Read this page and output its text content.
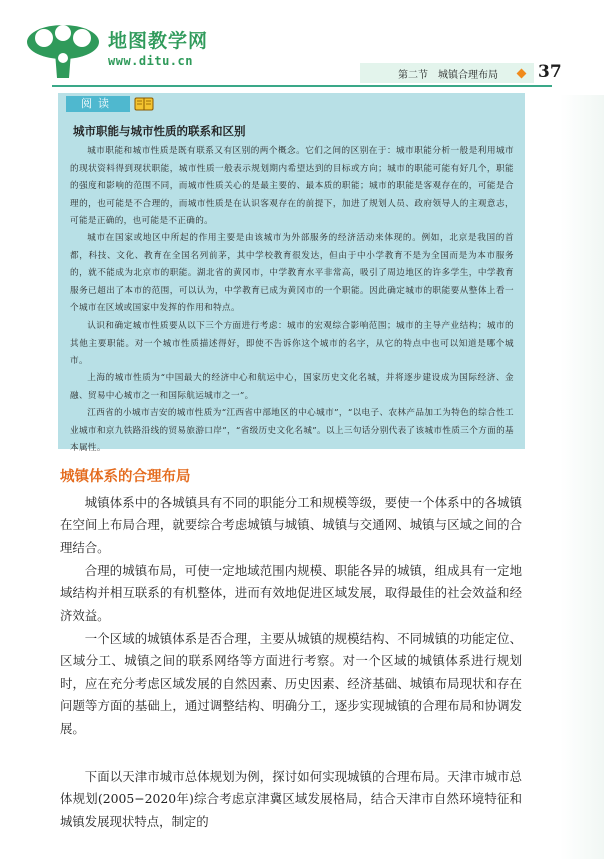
地图教学网
www.ditu.cn
第二节　城镇合理布局 37
阅读
城市职能与城市性质的联系和区别

城市职能和城市性质是既有联系又有区别的两个概念。它们之间的区别在于：城市职能分析一般是利用城市的现状资料得到现状职能，城市性质一般表示规划期内希望达到的目标或方向；城市的职能可能有好几个，职能的强度和影响的范围不同，而城市性质关心的是最主要的、最本质的职能；城市的职能是客观存在的，可能是合理的，也可能是不合理的，而城市性质是在认识客观存在的前提下，加进了规划人员、政府领导人的主观意志，可能是正确的，也可能是不正确的。

城市在国家或地区中所起的作用主要是由该城市为外部服务的经济活动来体现的。例如，北京是我国的首都，科技、文化、教育在全国名列前茅，其中学校教育很发达，但由于中小学教育不是为全国而是为本市服务的，就不能成为北京市的职能。湖北省的黄冈市，中学教育水平非常高，吸引了周边地区的许多学生，中学教育服务已超出了本市的范围，可以认为，中学教育已成为黄冈市的一个职能。因此确定城市的职能要从整体上看一个城市在区域或国家中发挥的作用和特点。

认识和确定城市性质要从以下三个方面进行考虑：城市的宏观综合影响范围；城市的主导产业结构；城市的其他主要职能。对一个城市性质描述得好，即使不告诉你这个城市的名字，从它的特点中也可以知道是哪个城市。

上海的城市性质为“中国最大的经济中心和航运中心，国家历史文化名城，并将逐步建设成为国际经济、金融、贸易中心城市之一和国际航运城市之一”。

江西省的小城市吉安的城市性质为“江西省中部地区的中心城市”，“以电子、农林产品加工为特色的综合性工业城市和京九铁路沿线的贸易旅游口岸”，“省级历史文化名城”。以上三句话分别代表了该城市性质三个方面的基本属性。

城镇体系的合理布局

城镇体系中的各城镇具有不同的职能分工和规模等级，要使一个体系中的各城镇在空间上布局合理，就要综合考虑城镇与城镇、城镇与交通网、城镇与区域之间的合理结合。

合理的城镇布局，可使一定地域范围内规模、职能各异的城镇，组成具有一定地域结构并相互联系的有机整体，进而有效地促进区域发展，取得最佳的社会效益和经济效益。

一个区域的城镇体系是否合理，主要从城镇的规模结构、不同城镇的功能定位、区域分工、城镇之间的联系网络等方面进行考察。对一个区域的城镇体系进行规划时，应在充分考虑区域发展的自然因素、历史因素、经济基础、城镇布局现状和存在问题等方面的基础上，通过调整结构、明确分工，逐步实现城镇的合理布局和协调发展。

下面以天津市城市总体规划为例，探讨如何实现城镇的合理布局。天津市城市总体规划(2005−2020年)综合考虑京津冀区域发展格局，结合天津市自然环境特征和城镇发展现状特点，制定的
